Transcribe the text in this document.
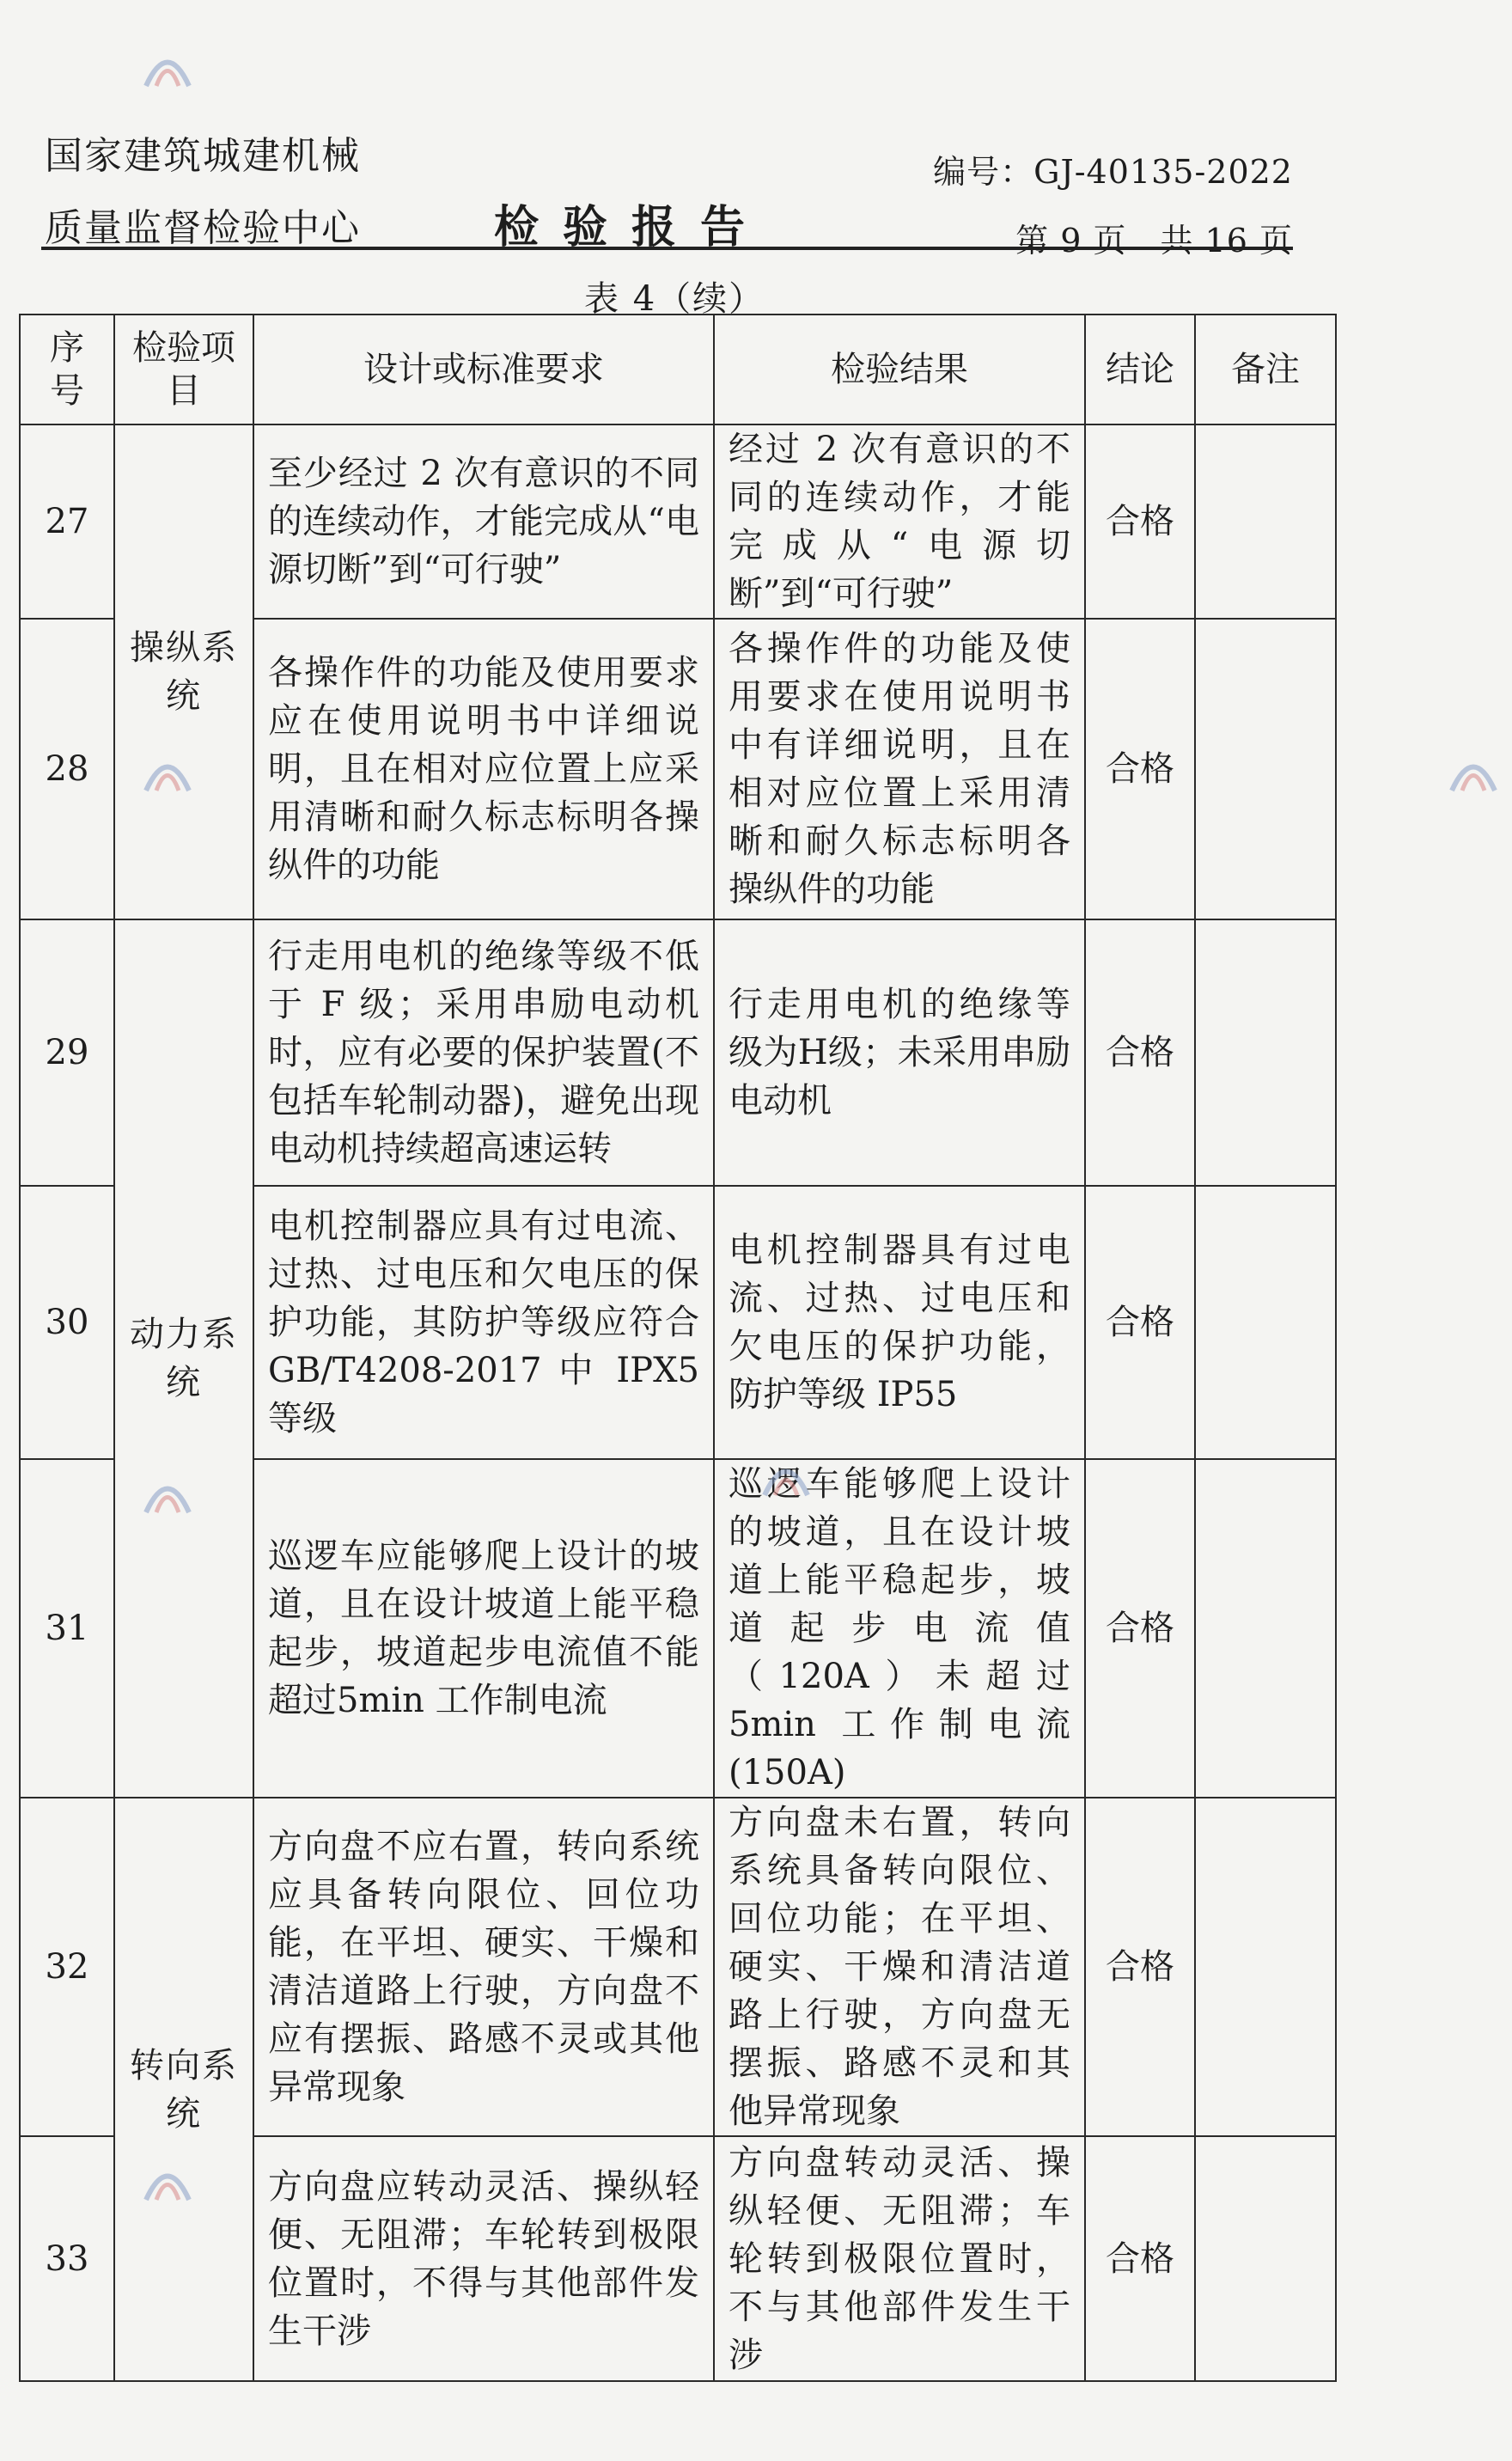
国家建筑城建机械
质量监督检验中心	检验报告
编号：GJ-40135-2022
第 9 页　共 16 页
表 4（续）
序号	检验项目	设计或标准要求	检验结果	结论	备注
27	操纵系统	至少经过 2 次有意识的不同的连续动作，才能完成从“电源切断”到“可行驶”	经过 2 次有意识的不同的连续动作，才能完成从“电源切断”到“可行驶”	合格	
28		各操作件的功能及使用要求应在使用说明书中详细说明，且在相对应位置上应采用清晰和耐久标志标明各操纵件的功能	各操作件的功能及使用要求在使用说明书中有详细说明，且在相对应位置上采用清晰和耐久标志标明各操纵件的功能	合格	
29	动力系统	行走用电机的绝缘等级不低于 F 级；采用串励电动机时，应有必要的保护装置(不包括车轮制动器)，避免出现电动机持续超高速运转	行走用电机的绝缘等级为H级；未采用串励电动机	合格	
30		电机控制器应具有过电流、过热、过电压和欠电压的保护功能，其防护等级应符合GB/T4208-2017 中 IPX5 等级	电机控制器具有过电流、过热、过电压和欠电压的保护功能，防护等级 IP55	合格	
31		巡逻车应能够爬上设计的坡道，且在设计坡道上能平稳起步，坡道起步电流值不能超过5min 工作制电流	巡逻车能够爬上设计的坡道，且在设计坡道上能平稳起步，坡道起步电流值（120A）未超过5min 工作制电流(150A)	合格	
32	转向系统	方向盘不应右置，转向系统应具备转向限位、回位功能，在平坦、硬实、干燥和清洁道路上行驶，方向盘不应有摆振、路感不灵或其他异常现象	方向盘未右置，转向系统具备转向限位、回位功能；在平坦、硬实、干燥和清洁道路上行驶，方向盘无摆振、路感不灵和其他异常现象	合格	
33		方向盘应转动灵活、操纵轻便、无阻滞；车轮转到极限位置时，不得与其他部件发生干涉	方向盘转动灵活、操纵轻便、无阻滞；车轮转到极限位置时，不与其他部件发生干涉	合格	
